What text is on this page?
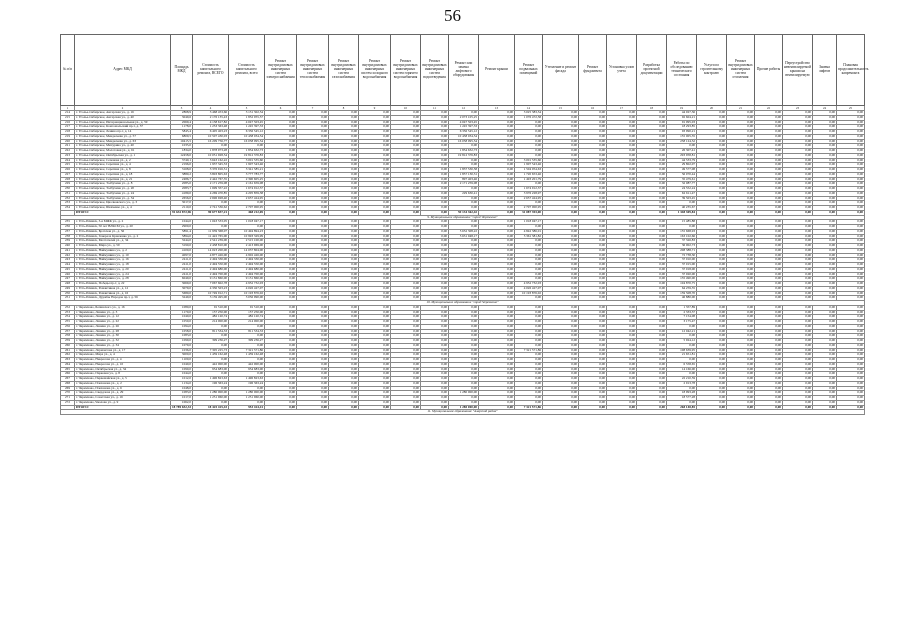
56
№ п/п	Адрес МКД	Площадь МКД	Стоимость капитального ремонта, ВСЕГО	Стоимость капитального ремонта, всего	Ремонт внутридомовых инженерных систем электроснабжения	Ремонт внутридомовых инженерных систем теплоснабжения	Ремонт внутридомовых инженерных систем газоснабжения	Ремонт внутридомовых инженерных систем холодного водоснабжения	Ремонт внутридомовых инженерных систем горячего водоснабжения	Ремонт внутридомовых инженерных систем водоотведения	Ремонт или замена лифтового оборудования	Ремонт крыши	Ремонт подвальных помещений	Утепление и ремонт фасада	Ремонт фундамента	Установка узлов учета	Разработка проектной документации	Работы по обследованию технического состояния	Услуги по строительному контролю	Ремонт внутридомовых инженерных систем отопления	Прочие работы	Переустройство невентилируемой крыши на вентилируемую	Замена лифтов	Плановая продолжительность капремонта
1	2	3	4	5	6	7	8	9	10	11	12	13	14	15	16	17	18	19	20	21	22	23	24	25
214	г. Усолье-Сибирское, Ангарская ул., д. 16	2868,9	3 468 453,66	3 131 302,54	0,00	0,00	0,00	0,00	0,00	0,00	0,00	0,00	3 025 383,54	0,00	0,00	0,00	0,00	44 027,36	0,00	0,00	0,00	0,00	0,00	0,00
215	г. Усолье-Сибирское, Ангарская ул., д. 40	3049,6	2 176 135,43	1 852 055,57	0,00	0,00	0,00	0,00	0,00	0,00	2 073 105,25	0,00	1 076 472,58	0,00	0,00	0,00	0,00	92 604,21	0,00	0,00	0,00	0,00	0,00	0,00
216	г. Усолье-Сибирское, Интернациональная ул., д. 59	2069,4	4 138 617,82	4 047 503,45	0,00	0,00	0,00	0,00	0,00	0,00	4 047 503,45	0,00	0,00	0,00	0,00	0,00	0,00	91 095,03	0,00	0,00	0,00	0,00	0,00	0,00
217	г. Усолье-Сибирское, Комсомольский пр-т, д. 37	1178,0	1 253 363,48	1 245 397,33	0,00	0,00	0,00	0,00	0,00	0,00	1 245 397,33	0,00	0,00	0,00	0,00	0,00	0,00	18 293,85	0,00	0,00	0,00	0,00	0,00	0,00
218	г. Усолье-Сибирское, Ленина пр-т, д. 14	5845,4	6 405 403,23	6 356 545,12	0,00	0,00	0,00	0,00	0,00	0,00	6 356 545,12	0,00	0,00	0,00	0,00	0,00	0,00	93 990,21	0,00	0,00	0,00	0,00	0,00	0,00
219	г. Усолье-Сибирское, Менделеева ул., д. 57	6809,5	10 507 430,03	10 438 034,54	0,00	0,00	0,00	0,00	0,00	0,00	10 438 034,54	0,00	0,00	0,00	0,00	0,00	0,00	155 005,35	0,00	0,00	0,00	0,00	0,00	0,00
220	г. Усолье-Сибирское, Менделеева ул., д. 63	10415,5	16 209 756,77	16 058 095,54	0,00	0,00	0,00	0,00	0,00	0,00	16 058 095,54	0,00	0,00	0,00	0,00	0,00	0,00	238 124,52	0,00	0,00	0,00	0,00	0,00	0,00
221	г. Усолье-Сибирское, Мичурина ул., д. 40	1035,0	0,00	0,00	0,00	0,00	0,00	0,00	0,00	0,00	0,00	0,00	0,00	0,00	0,00	0,00	0,00	0,00	0,00	0,00	0,00	0,00	0,00	0,00
222	г. Усолье-Сибирское, Молотовая ул., д. 61	1834,0	1 878 973,28	1 854 632,73	0,00	0,00	0,00	0,00	0,00	0,00	1 854 632,73	0,00	0,00	0,00	0,00	0,00	0,00	26 307,41	0,00	0,00	0,00	0,00	0,00	0,00
223	г. Усолье-Сибирское, Октябрьская ул., д. 1	12458,0	10 051 928,54	19 812 376,83	0,00	0,00	0,00	0,00	0,00	0,00	19 812 376,83	0,00	0,00	0,00	0,00	0,00	0,00	293 958,81	0,00	0,00	0,00	0,00	0,00	0,00
224	г. Усолье-Сибирское, Сеченова ул., д. 2	3740,1	3 643 162,22	3 001 535,60	0,00	0,00	0,00	0,00	0,00	0,00	0,00	0,00	3 001 535,60	0,00	0,00	0,00	0,00	44 533,79	0,00	0,00	0,00	0,00	0,00	0,00
225	г. Усолье-Сибирское, Серегина ул., д. 4	2196,0	1 937 345,53	1 907 543,46	0,00	0,00	0,00	0,00	0,00	0,00	0,00	0,00	1 907 543,46	0,00	0,00	0,00	0,00	29 802,07	0,00	0,00	0,00	0,00	0,00	0,00
226	г. Усолье-Сибирское, Серегина ул., д. 8	3168,0	3 376 916,51	3 341 585,21	0,00	0,00	0,00	0,00	0,00	0,00	1 837 530,58	0,00	1 504 054,63	0,00	0,00	0,00	0,00	49 577,08	0,00	0,00	0,00	0,00	0,00	0,00
227	г. Усолье-Сибирское, Серегина ул., д. 18	3880,2	3 803 805,63	3 777 783,77	0,00	0,00	0,00	0,00	0,00	0,00	1 857 130,31	0,00	1 720 653,46	0,00	0,00	0,00	0,00	56 070,44	0,00	0,00	0,00	0,00	0,00	0,00
228	г. Усолье-Сибирское, Серегина ул., д. 21	2486,7	2 442 767,35	2 390 605,25	0,00	0,00	0,00	0,00	0,00	0,00	897 403,46	0,00	1 493 201,79	0,00	0,00	0,00	0,00	35 479,61	0,00	0,00	0,00	0,00	0,00	0,00
229	г. Усолье-Сибирское, Толбухина ул., д. 8	2085,0	2 171 259,08	2 161 659,08	0,00	0,00	0,00	0,00	0,00	0,00	2 171 259,08	0,00	0,00	0,00	0,00	0,00	0,00	32 087,77	0,00	0,00	0,00	0,00	0,00	0,00
230	г. Усолье-Сибирское, Толбухина ул., д. 20	2083,7	1 699 357,22	1 674 912,37	0,00	0,00	0,00	0,00	0,00	0,00	0,00	0,00	1 674 912,37	0,00	0,00	0,00	0,00	24 552,24	0,00	0,00	0,00	0,00	0,00	0,00
231	г. Усолье-Сибирское, Толбухина ул., д. 24	4189,0	4 269 470,85	4 205 859,38	0,00	0,00	0,00	0,00	0,00	0,00	229 630,41	0,00	3 976 228,97	0,00	0,00	0,00	0,00	62 611,47	0,00	0,00	0,00	0,00	0,00	0,00
232	г. Усолье-Сибирское, Толбухина ул., д. 34	2656,0	2 696 928,40	2 657 424,95	0,00	0,00	0,00	0,00	0,00	0,00	0,00	0,00	2 657 424,95	0,00	0,00	0,00	0,00	39 503,45	0,00	0,00	0,00	0,00	0,00	0,00
233	г. Усолье-Сибирское, Циолковского ул., д. 3	3017,0	0,00	0,00	0,00	0,00	0,00	0,00	0,00	0,00	0,00	0,00	0,00	0,00	0,00	0,00	0,00	0,00	0,00	0,00	0,00	0,00	0,00	0,00
234	г. Усолье-Сибирское, Шевченко ул., д. 4	2110,0	2 741 536,62	2 707 000,95	0,00	0,00	0,00	0,00	0,00	0,00	0,00	0,00	2 707 000,95	0,00	0,00	0,00	0,00	40 235,67	0,00	0,00	0,00	0,00	0,00	0,00
	ИТОГО:	91 632 872,96	90 677 837,21	468 212,69	0,00	0,00	0,00	0,00	0,00	0,00	59 134 362,42	0,00	31 087 393,00	0,00	0,00	0,00	0,00	1 348 309,84	0,00	0,00	0,00	0,00	0,00	0,00
9. Муниципальное образование "город Черемхово"																								
235	г. Усть-Илимск, 3-я МЖК ул., д. 2	1044,0	1 043 533,05	1 018 047,17	0,00	0,00	0,00	0,00	0,00	0,00	0,00	0,00	1 018 047,17	0,00	0,00	0,00	0,00	15 485,88	0,00	0,00	0,00	0,00	0,00	0,00
236	г. Усть-Илимск, 50 лет ВЛКСМ ул., д. 20	2900,0	0,00	0,00	0,00	0,00	0,00	0,00	0,00	0,00	0,00	0,00	0,00	0,00	0,00	0,00	0,00	0,00	0,00	0,00	0,00	0,00	0,00	0,00
237	г. Усть-Илимск, Братская ул., д. 56	5891,4	11 939 368,07	10 494 894,23	0,00	0,00	0,00	0,00	0,00	0,00	5 652 308,22	0,00	4 842 386,01	0,00	0,00	0,00	0,00	155 668,93	0,00	0,00	0,00	0,00	0,00	0,00
238	г. Усть-Илимск, Генерала Кравченко ул., д. 2	5894,0	11 422 765,00	10 993 329,99	0,00	0,00	0,00	0,00	0,00	0,00	5 631 948,17	0,00	5 361 381,82	0,00	0,00	0,00	0,00	163 102,66	0,00	0,00	0,00	0,00	0,00	0,00
239	г. Усть-Илимск, Мечтателей ул., д. 34	3244,0	2 541 239,00	2 515 100,00	0,00	0,00	0,00	0,00	0,00	0,00	0,00	0,00	0,00	0,00	0,00	0,00	0,00	37 326,83	0,00	0,00	0,00	0,00	0,00	0,00
240	г. Усть-Илимск, Мира ул., д. 50	3190,0	2 438 810,00	2 413 969,00	0,00	0,00	0,00	0,00	0,00	0,00	0,00	0,00	0,00	0,00	0,00	0,00	0,00	36 002,73	0,00	0,00	0,00	0,00	0,00	0,00
241	г. Усть-Илимск, Наймушина ул., д. 2	4100,0	14 023 200,00	14 037 804,00	0,00	0,00	0,00	0,00	0,00	0,00	0,00	0,00	0,00	0,00	0,00	0,00	0,00	208 388,71	0,00	0,00	0,00	0,00	0,00	0,00
242	г. Усть-Илимск, Наймушина ул., д. 10	4097,0	4 877 426,00	4 902 426,00	0,00	0,00	0,00	0,00	0,00	0,00	0,00	0,00	0,00	0,00	0,00	0,00	0,00	72 738,30	0,00	0,00	0,00	0,00	0,00	0,00
243	г. Усть-Илимск, Наймушина ул., д. 16	2411,0	2 494 330,00	2 494 330,00	0,00	0,00	0,00	0,00	0,00	0,00	0,00	0,00	0,00	0,00	0,00	0,00	0,00	37 010,00	0,00	0,00	0,00	0,00	0,00	0,00
244	г. Усть-Илимск, Наймушина ул., д. 18	2411,0	2 494 550,00	2 494 550,00	0,00	0,00	0,00	0,00	0,00	0,00	0,00	0,00	0,00	0,00	0,00	0,00	0,00	37 015,00	0,00	0,00	0,00	0,00	0,00	0,00
245	г. Усть-Илимск, Наймушина ул., д. 20	2411,0	2 494 680,00	2 494 680,00	0,00	0,00	0,00	0,00	0,00	0,00	0,00	0,00	0,00	0,00	0,00	0,00	0,00	37 018,00	0,00	0,00	0,00	0,00	0,00	0,00
246	г. Усть-Илимск, Наймушина ул., д. 24	2411,0	2 494 700,00	2 494 700,00	0,00	0,00	0,00	0,00	0,00	0,00	0,00	0,00	0,00	0,00	0,00	0,00	0,00	37 020,00	0,00	0,00	0,00	0,00	0,00	0,00
247	г. Усть-Илимск, Наймушина ул., д. 28	6049,0	9 131 860,00	9 131 860,00	0,00	0,00	0,00	0,00	0,00	0,00	0,00	0,00	0,00	0,00	0,00	0,00	0,00	135 490,00	0,00	0,00	0,00	0,00	0,00	0,00
248	г. Усть-Илимск, Победы пр-т, д. 22	3069,0	7 067 602,78	4 952 732,03	0,00	0,00	0,00	0,00	0,00	0,00	0,00	0,00	4 952 732,03	0,00	0,00	0,00	0,00	104 870,75	0,00	0,00	0,00	0,00	0,00	0,00
249	г. Усть-Илимск, Романтиков ул., д. 12	3079,0	4 330 503,23	4 026 427,07	0,00	0,00	0,00	0,00	0,00	0,00	0,00	0,00	4 026 427,07	0,00	0,00	0,00	0,00	64 259,35	0,00	0,00	0,00	0,00	0,00	0,00
250	г. Усть-Илимск, Романтиков ул., д. 16	5680,0	10 749 912,71	10 193 876,02	0,00	0,00	0,00	0,00	0,00	0,00	0,00	0,00	10 193 876,02	0,00	0,00	0,00	0,00	159 508,70	0,00	0,00	0,00	0,00	0,00	0,00
251	г. Усть-Илимск, Дружбы Народов пр-т, д. 56	3249,0	3 159 495,00	3 056 990,00	0,00	0,00	0,00	0,00	0,00	0,00	0,00	0,00	0,00	0,00	0,00	0,00	0,00	46 880,00	0,00	0,00	0,00	0,00	0,00	0,00
10. Муниципальное образование "город Черемхово"																								
252	г. Черемхово, Белинского ул., д. 16	1080,0	91 510,00	91 510,00	0,00	0,00	0,00	0,00	0,00	0,00	0,00	0,00	0,00	0,00	0,00	0,00	0,00	1 357,89	0,00	0,00	0,00	0,00	0,00	0,00
253	г. Черемхово, Ленина ул., д. 3	1170,0	157 250,00	157 250,00	0,00	0,00	0,00	0,00	0,00	0,00	0,00	0,00	0,00	0,00	0,00	0,00	0,00	2 333,37	0,00	0,00	0,00	0,00	0,00	0,00
254	г. Черемхово, Ленина ул., д. 12	1040,0	482 120,74	482 120,74	0,00	0,00	0,00	0,00	0,00	0,00	0,00	0,00	0,00	0,00	0,00	0,00	0,00	7 154,08	0,00	0,00	0,00	0,00	0,00	0,00
255	г. Черемхово, Ленина ул., д. 22	1050,0	214 000,00	214 000,00	0,00	0,00	0,00	0,00	0,00	0,00	0,00	0,00	0,00	0,00	0,00	0,00	0,00	3 175,47	0,00	0,00	0,00	0,00	0,00	0,00
256	г. Черемхово, Ленина ул., д. 26	1094,0	0,00	0,00	0,00	0,00	0,00	0,00	0,00	0,00	0,00	0,00	0,00	0,00	0,00	0,00	0,00	0,00	0,00	0,00	0,00	0,00	0,00	0,00
257	г. Черемхово, Ленина ул., д. 28	1058,0	811 534,33	811 534,33	0,00	0,00	0,00	0,00	0,00	0,00	0,00	0,00	0,00	0,00	0,00	0,00	0,00	12 042,21	0,00	0,00	0,00	0,00	0,00	0,00
258	г. Черемхово, Ленина ул., д. 30	1083,0	0,00	0,00	0,00	0,00	0,00	0,00	0,00	0,00	0,00	0,00	0,00	0,00	0,00	0,00	0,00	0,00	0,00	0,00	0,00	0,00	0,00	0,00
259	г. Черемхово, Ленина ул., д. 32	1099,0	399 236,27	399 236,27	0,00	0,00	0,00	0,00	0,00	0,00	0,00	0,00	0,00	0,00	0,00	0,00	0,00	5 924,12	0,00	0,00	0,00	0,00	0,00	0,00
260	г. Черемхово, Ленина ул., д. 34	1079,0	0,00	0,00	0,00	0,00	0,00	0,00	0,00	0,00	0,00	0,00	0,00	0,00	0,00	0,00	0,00	0,00	0,00	0,00	0,00	0,00	0,00	0,00
261	г. Черемхово, Лермонтова ул., д. 17	1036,0	7 305 225,73	7 321 571,86	0,00	0,00	0,00	0,00	0,00	0,00	0,00	0,00	7 321 571,86	0,00	0,00	0,00	0,00	108 639,95	0,00	0,00	0,00	0,00	0,00	0,00
262	г. Черемхово, Мира ул., д. 4	3000,0	1 459 162,48	1 459 162,48	0,00	0,00	0,00	0,00	0,00	0,00	0,00	0,00	0,00	0,00	0,00	0,00	0,00	21 651,81	0,00	0,00	0,00	0,00	0,00	0,00
263	г. Черемхово, Некрасова ул., д. 4	1100,0	0,00	0,00	0,00	0,00	0,00	0,00	0,00	0,00	0,00	0,00	0,00	0,00	0,00	0,00	0,00	0,00	0,00	0,00	0,00	0,00	0,00	0,00
264	г. Черемхово, Некрасова ул., д. 10	1040,0	442 000,00	442 000,00	0,00	0,00	0,00	0,00	0,00	0,00	0,00	0,00	0,00	0,00	0,00	0,00	0,00	6 558,65	0,00	0,00	0,00	0,00	0,00	0,00
265	г. Черемхово, Октябрьская ул., д. 34	1090,0	954 683,00	954 683,00	0,00	0,00	0,00	0,00	0,00	0,00	0,00	0,00	0,00	0,00	0,00	0,00	0,00	14 166,00	0,00	0,00	0,00	0,00	0,00	0,00
266	г. Черемхово, Парковая ул., д. 8	1044,0	0,00	0,00	0,00	0,00	0,00	0,00	0,00	0,00	0,00	0,00	0,00	0,00	0,00	0,00	0,00	0,00	0,00	0,00	0,00	0,00	0,00	0,00
267	г. Черемхово, Первомайская ул., д. 5	1012,0	1 496 823,63	1 496 823,63	0,00	0,00	0,00	0,00	0,00	0,00	0,00	0,00	0,00	0,00	0,00	0,00	0,00	22 210,59	0,00	0,00	0,00	0,00	0,00	0,00
268	г. Черемхово, Плеханова ул., д. 2	1134,0	196 363,24	196 363,24	0,00	0,00	0,00	0,00	0,00	0,00	0,00	0,00	0,00	0,00	0,00	0,00	0,00	2 913,78	0,00	0,00	0,00	0,00	0,00	0,00
269	г. Черемхово, Плеханова ул., д. 6	1048,0	0,00	0,00	0,00	0,00	0,00	0,00	0,00	0,00	0,00	0,00	0,00	0,00	0,00	0,00	0,00	0,00	0,00	0,00	0,00	0,00	0,00	0,00
270	г. Черемхово, Свердлова ул., д. 29	1083,0	1 280 000,00	1 280 000,00	0,00	0,00	0,00	0,00	0,00	0,00	1 280 000,00	0,00	0,00	0,00	0,00	0,00	0,00	18 993,28	0,00	0,00	0,00	0,00	0,00	0,00
271	г. Черемхово, Советская ул., д. 16	1017,0	1 251 960,00	1 251 960,00	0,00	0,00	0,00	0,00	0,00	0,00	0,00	0,00	0,00	0,00	0,00	0,00	0,00	18 577,28	0,00	0,00	0,00	0,00	0,00	0,00
272	г. Черемхово, Чкалова ул., д. 9	1062,0	0,00	0,00	0,00	0,00	0,00	0,00	0,00	0,00	0,00	0,00	0,00	0,00	0,00	0,00	0,00	0,00	0,00	0,00	0,00	0,00	0,00	0,00
	ИТОГО:	18 789 652,33	18 425 425,43	953 424,41	0,00	0,00	0,00	0,00	0,00	0,00	1 280 000,00	0,00	7 321 571,86	0,00	0,00	0,00	0,00	268 148,85	0,00	0,00	0,00	0,00	0,00	0,00
11. Муниципальное образование "Аларский район"																								
